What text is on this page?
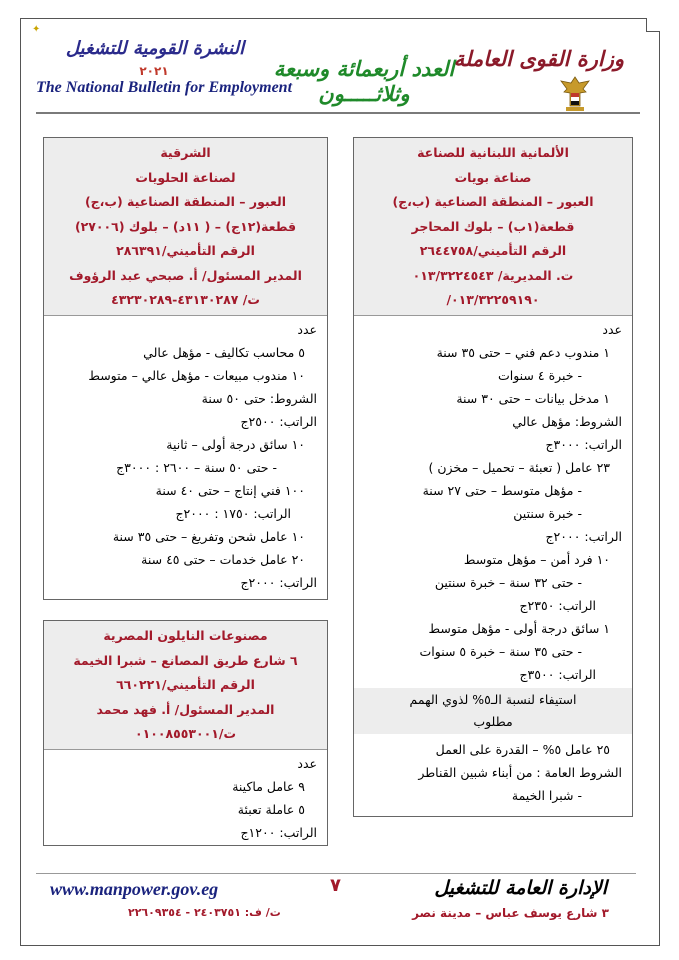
✦
النشرة القومية للتشغيل
٢٠٢١
The National Bulletin for Employment
العدد أربعمائة وسبعة وثلاثـــــون
وزارة القوى العاملة
الألمانية اللبنانية للصناعة
صناعة بويات
العبور – المنطقة الصناعية (ب،ج)
قطعة(١ب) – بلوك المحاجر
الرقم التأميني/٢٦٤٤٧٥٨
ت. المديرية/ ٠١٣/٣٢٢٤٥٤٣
٠١٣/٣٢٢٥٩١٩٠/
عدد
١ مندوب دعم فني – حتى ٣٥ سنة
- خبرة ٤ سنوات
١ مدخل بيانات – حتى ٣٠ سنة
الشروط: مؤهل عالي
الراتب: ٣٠٠٠ج
٢٣ عامل ( تعبئة – تحميل – مخزن )
- مؤهل متوسط – حتى ٢٧ سنة
- خبرة سنتين
الراتب: ٢٠٠٠ج
١٠ فرد أمن – مؤهل متوسط
- حتى ٣٢ سنة – خبرة سنتين
الراتب: ٢٣٥٠ج
١ سائق درجة أولى - مؤهل متوسط
- حتى ٣٥ سنة – خبرة ٥ سنوات
الراتب: ٣٥٠٠ج
استيفاء لنسبة الـ٥% لذوي الهمم
مطلوب
٢٥ عامل ٥% – القدرة على العمل
الشروط العامة : من أبناء شبين القناطر
- شبرا الخيمة
الشرقية
لصناعة الحلويات
العبور – المنطقة الصناعية (ب،ج)
قطعة(١٢ج) – ( ١١د) – بلوك (٢٧٠٠٦)
الرقم التأميني/٢٨٦٣٩١
المدير المسئول/ أ. صبحي عبد الرؤوف
ت/ ٤٣١٣٠٢٨٧-٤٣٢٣٠٢٨٩
عدد
٥ محاسب تكاليف - مؤهل عالي
١٠ مندوب مبيعات - مؤهل عالي – متوسط
الشروط: حتى ٥٠ سنة
الراتب: ٢٥٠٠ج
١٠ سائق درجة أولى – ثانية
- حتى ٥٠ سنة – ٢٦٠٠ : ٣٠٠٠ج
١٠٠ فني إنتاج – حتى ٤٠ سنة
الراتب: ١٧٥٠ : ٢٠٠٠ج
١٠ عامل شحن وتفريغ – حتى ٣٥ سنة
٢٠ عامل خدمات – حتى ٤٥ سنة
الراتب: ٢٠٠٠ج
مصنوعات النايلون المصرية
٦ شارع طريق المصانع – شبرا الخيمة
الرقم التأميني/٦٦٠٢٢١
المدير المسئول/ أ. فهد محمد
ت/٠١٠٠٨٥٥٣٠٠١
عدد
٩ عامل ماكينة
٥ عاملة تعبئة
الراتب: ١٢٠٠ج
www.manpower.gov.eg	٧	الإدارة العامة للتشغيل
ت/ ف: ٢٤٠٣٧٥١ - ٢٢٦٠٩٣٥٤	٣ شارع يوسف عباس – مدينة نصر
